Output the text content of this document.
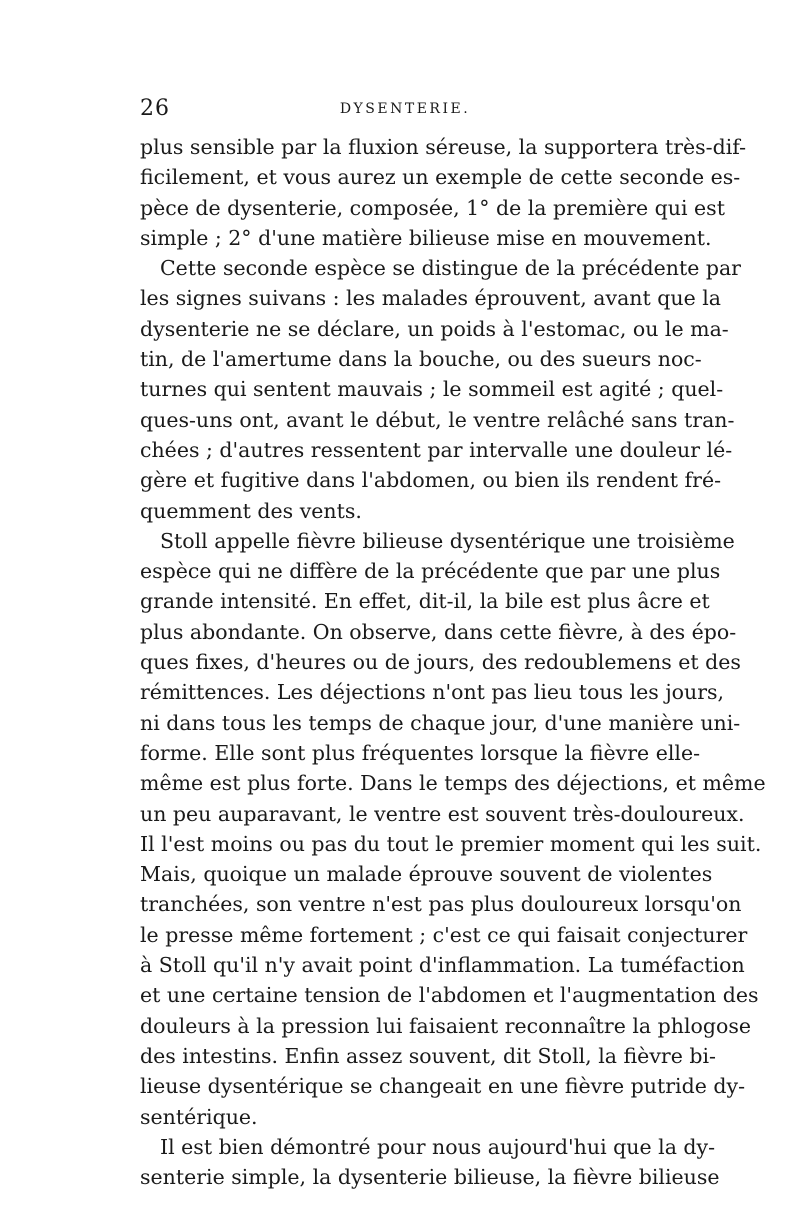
26	DYSENTERIE.
plus sensible par la fluxion séreuse, la supportera très-dif-
ficilement, et vous aurez un exemple de cette seconde es-
pèce de dysenterie, composée, 1° de la première qui est
simple ; 2° d'une matière bilieuse mise en mouvement.
Cette seconde espèce se distingue de la précédente par
les signes suivans : les malades éprouvent, avant que la
dysenterie ne se déclare, un poids à l'estomac, ou le ma-
tin, de l'amertume dans la bouche, ou des sueurs noc-
turnes qui sentent mauvais ; le sommeil est agité ; quel-
ques-uns ont, avant le début, le ventre relâché sans tran-
chées ; d'autres ressentent par intervalle une douleur lé-
gère et fugitive dans l'abdomen, ou bien ils rendent fré-
quemment des vents.
Stoll appelle fièvre bilieuse dysentérique une troisième
espèce qui ne diffère de la précédente que par une plus
grande intensité. En effet, dit-il, la bile est plus âcre et
plus abondante. On observe, dans cette fièvre, à des épo-
ques fixes, d'heures ou de jours, des redoublemens et des
rémittences. Les déjections n'ont pas lieu tous les jours,
ni dans tous les temps de chaque jour, d'une manière uni-
forme. Elle sont plus fréquentes lorsque la fièvre elle-
même est plus forte. Dans le temps des déjections, et même
un peu auparavant, le ventre est souvent très-douloureux.
Il l'est moins ou pas du tout le premier moment qui les suit.
Mais, quoique un malade éprouve souvent de violentes
tranchées, son ventre n'est pas plus douloureux lorsqu'on
le presse même fortement ; c'est ce qui faisait conjecturer
à Stoll qu'il n'y avait point d'inflammation. La tuméfaction
et une certaine tension de l'abdomen et l'augmentation des
douleurs à la pression lui faisaient reconnaître la phlogose
des intestins. Enfin assez souvent, dit Stoll, la fièvre bi-
lieuse dysentérique se changeait en une fièvre putride dy-
sentérique.
Il est bien démontré pour nous aujourd'hui que la dy-
senterie simple, la dysenterie bilieuse, la fièvre bilieuse
